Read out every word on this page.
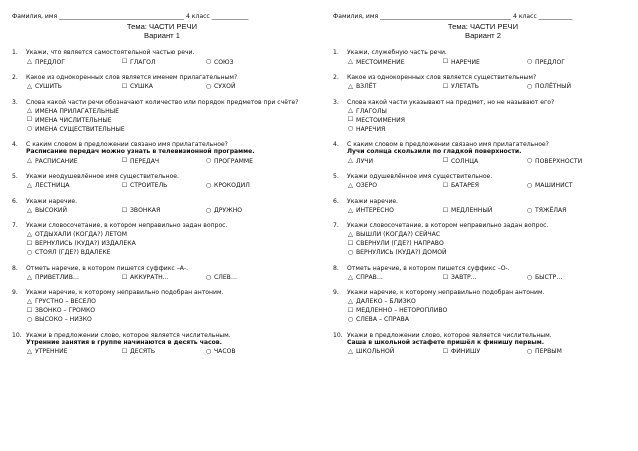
Фамилия, имя _________________________________________ 4 класс ____________
Тема: ЧАСТИ РЕЧИ
Вариант 1
1. Укажи, что является самостоятельной частью речи.
△ ПРЕДЛОГ	☐ ГЛАГОЛ	○ СОЮЗ
2. Какое из однокоренных слов является именем прилагательным?
△ СУШИТЬ	☐ СУШКА	○ СУХОЙ
3. Слова какой части речи обозначают количество или порядок предметов при счёте?
△ ИМЕНА ПРИЛАГАТЕЛЬНЫЕ
☐ ИМЕНА ЧИСЛИТЕЛЬНЫЕ
○ ИМЕНА СУЩЕСТВИТЕЛЬНЫЕ
4. С каким словом в предложении связано имя прилагательное?
Расписание передач можно узнать в телевизионной программе.
△ РАСПИСАНИЕ	☐ ПЕРЕДАЧ	○ ПРОГРАММЕ
5. Укажи неодушевлённое имя существительное.
△ ЛЕСТНИЦА	☐ СТРОИТЕЛЬ	○ КРОКОДИЛ
6. Укажи наречие.
△ ВЫСОКИЙ	☐ ЗВОНКАЯ	○ ДРУЖНО
7. Укажи словосочетание, в котором неправильно задан вопрос.
△ ОТДЫХАЛИ (КОГДА?) ЛЕТОМ
☐ ВЕРНУЛИСЬ (КУДА?) ИЗДАЛЕКА
○ СТОЯЛ (ГДЕ?) ВДАЛЕКЕ
8. Отметь наречие, в котором пишется суффикс –А-.
△ ПРИВЕТЛИВ…	☐ АККУРАТН…	○ СЛЕВ…
9. Укажи наречие, к которому неправильно подобран антоним.
△ ГРУСТНО – ВЕСЕЛО
☐ ЗВОНКО – ГРОМКО
○ ВЫСОКО – НИЗКО
10. Укажи в предложении слово, которое является числительным.
Утренние занятия в группе начинаются в десять часов.
△ УТРЕННИЕ	☐ ДЕСЯТЬ	○ ЧАСОВ
Фамилия, имя ___________________________________________ 4 класс ___________
Тема: ЧАСТИ РЕЧИ
Вариант 2
1. Укажи, служебную часть речи.
△ МЕСТОИМЕНИЕ	☐ НАРЕЧИЕ	○ ПРЕДЛОГ
2. Какое из однокоренных слов является существительным?
△ ВЗЛЁТ	☐ УЛЕТАТЬ	○ ПОЛЁТНЫЙ
3. Слова какой части указывают на предмет, но не называют его?
△ ГЛАГОЛЫ
☐ МЕСТОИМЕНИЯ
○ НАРЕЧИЯ
4. С каким словом в предложении связано имя прилагательное?
Лучи солнца скользили по гладкой поверхности.
△ ЛУЧИ	☐ СОЛНЦА	○ ПОВЕРХНОСТИ
5. Укажи одушевлённое имя существительное.
△ ОЗЕРО	☐ БАТАРЕЯ	○ МАШИНИСТ
6. Укажи наречие.
△ ИНТЕРЕСНО	☐ МЕДЛЕННЫЙ	○ ТЯЖЁЛАЯ
7. Укажи словосочетание, в котором неправильно задан вопрос.
△ ВЫШЛИ (КОГДА?) СЕЙЧАС
☐ СВЕРНУЛИ (ГДЕ?) НАПРАВО
○ ВЕРНУЛИСЬ (КУДА?) ДОМОЙ
8. Отметь наречие, в котором пишется суффикс –О-.
△ СПРАВ…	☐ ЗАВТР…	○ БЫСТР…
9. Укажи наречие, к которому неправильно подобран антоним.
△ ДАЛЕКО – БЛИЗКО
☐ МЕДЛЕННО – НЕТОРОПЛИВО
○ СЛЕВА – СПРАВА
10. Укажи в предложении слово, которое является числительным.
Саша в школьной эстафете пришёл к финишу первым.
△ ШКОЛЬНОЙ	☐ ФИНИШУ	○ ПЕРВЫМ
